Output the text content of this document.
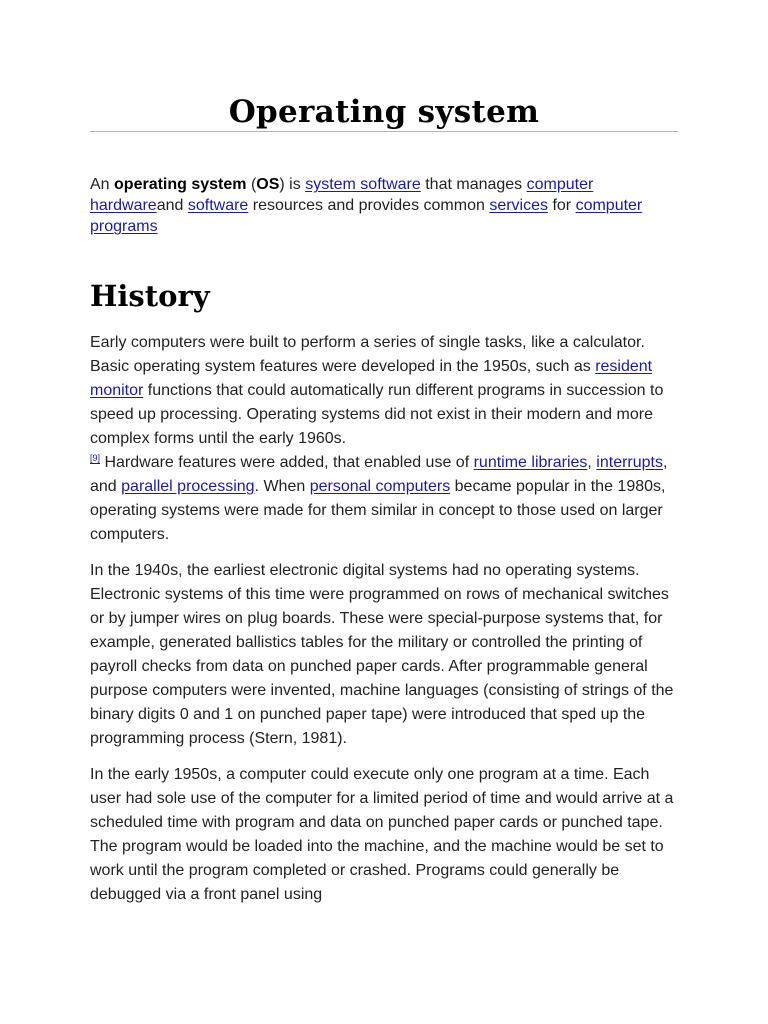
Operating system

An operating system (OS) is system software that manages computer hardwareand software resources and provides common services for computer programs

History

Early computers were built to perform a series of single tasks, like a calculator. Basic operating system features were developed in the 1950s, such as resident monitor functions that could automatically run different programs in succession to speed up processing. Operating systems did not exist in their modern and more complex forms until the early 1960s.
[9] Hardware features were added, that enabled use of runtime libraries, interrupts, and parallel processing. When personal computers became popular in the 1980s, operating systems were made for them similar in concept to those used on larger computers.

In the 1940s, the earliest electronic digital systems had no operating systems. Electronic systems of this time were programmed on rows of mechanical switches or by jumper wires on plug boards. These were special-purpose systems that, for example, generated ballistics tables for the military or controlled the printing of payroll checks from data on punched paper cards. After programmable general purpose computers were invented, machine languages (consisting of strings of the binary digits 0 and 1 on punched paper tape) were introduced that sped up the programming process (Stern, 1981).

In the early 1950s, a computer could execute only one program at a time. Each user had sole use of the computer for a limited period of time and would arrive at a scheduled time with program and data on punched paper cards or punched tape. The program would be loaded into the machine, and the machine would be set to work until the program completed or crashed. Programs could generally be debugged via a front panel using
